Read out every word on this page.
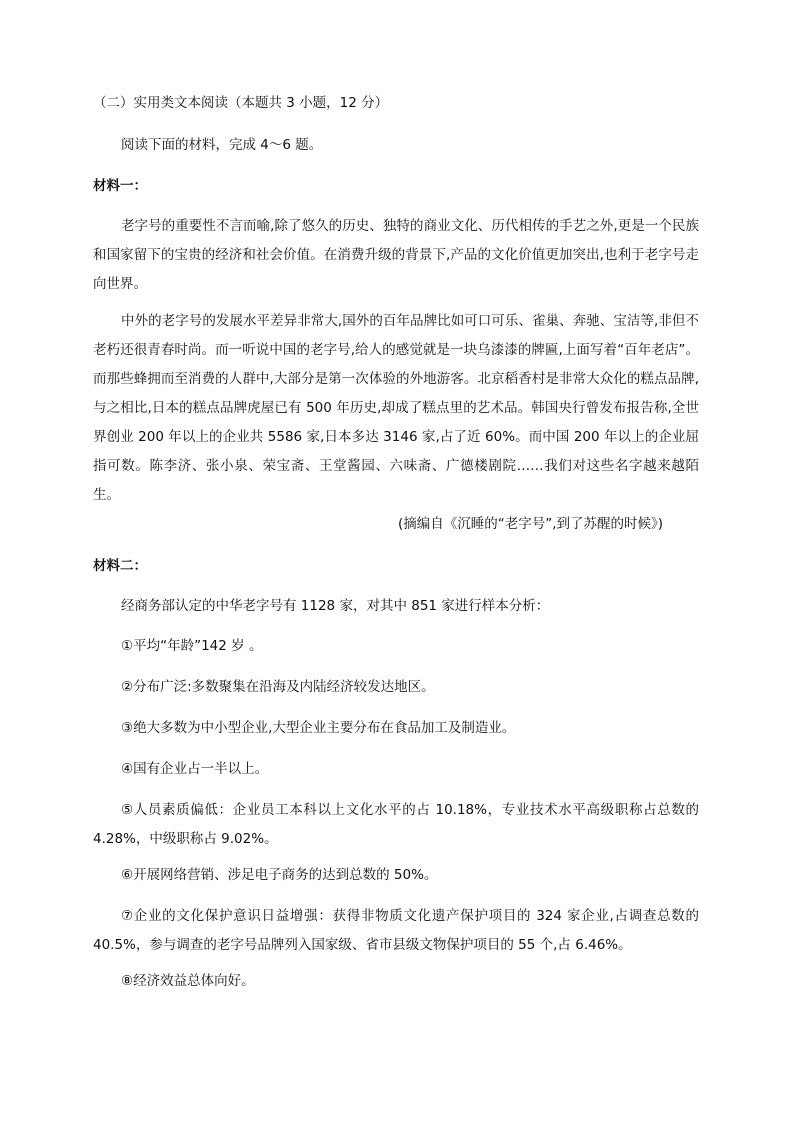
（二）实用类文本阅读（本题共 3 小题，12 分）
阅读下面的材料，完成 4～6 题。
材料一：
老字号的重要性不言而喻,除了悠久的历史、独特的商业文化、历代相传的手艺之外,更是一个民族和国家留下的宝贵的经济和社会价值。在消费升级的背景下,产品的文化价值更加突出,也利于老字号走向世界。
中外的老字号的发展水平差异非常大,国外的百年品牌比如可口可乐、雀巢、奔驰、宝洁等,非但不老朽还很青春时尚。而一听说中国的老字号,给人的感觉就是一块乌漆漆的牌匾,上面写着“百年老店”。而那些蜂拥而至消费的人群中,大部分是第一次体验的外地游客。北京稻香村是非常大众化的糕点品牌,与之相比,日本的糕点品牌虎屋已有 500 年历史,却成了糕点里的艺术品。韩国央行曾发布报告称,全世界创业 200 年以上的企业共 5586 家,日本多达 3146 家,占了近 60%。而中国 200 年以上的企业屈指可数。陈李济、张小泉、荣宝斋、王堂酱园、六味斋、广德楼剧院……我们对这些名字越来越陌生。
(摘编自《沉睡的“老字号”,到了苏醒的时候》)
材料二：
经商务部认定的中华老字号有 1128 家，对其中 851 家进行样本分析：
①平均“年龄”142 岁 。
②分布广泛:多数聚集在沿海及内陆经济较发达地区。
③绝大多数为中小型企业,大型企业主要分布在食品加工及制造业。
④国有企业占一半以上。
⑤人员素质偏低：企业员工本科以上文化水平的占 10.18%，专业技术水平高级职称占总数的 4.28%，中级职称占 9.02%。
⑥开展网络营销、涉足电子商务的达到总数的 50%。
⑦企业的文化保护意识日益增强：获得非物质文化遗产保护项目的 324 家企业,占调查总数的 40.5%，参与调查的老字号品牌列入国家级、省市县级文物保护项目的 55 个,占 6.46%。
⑧经济效益总体向好。
